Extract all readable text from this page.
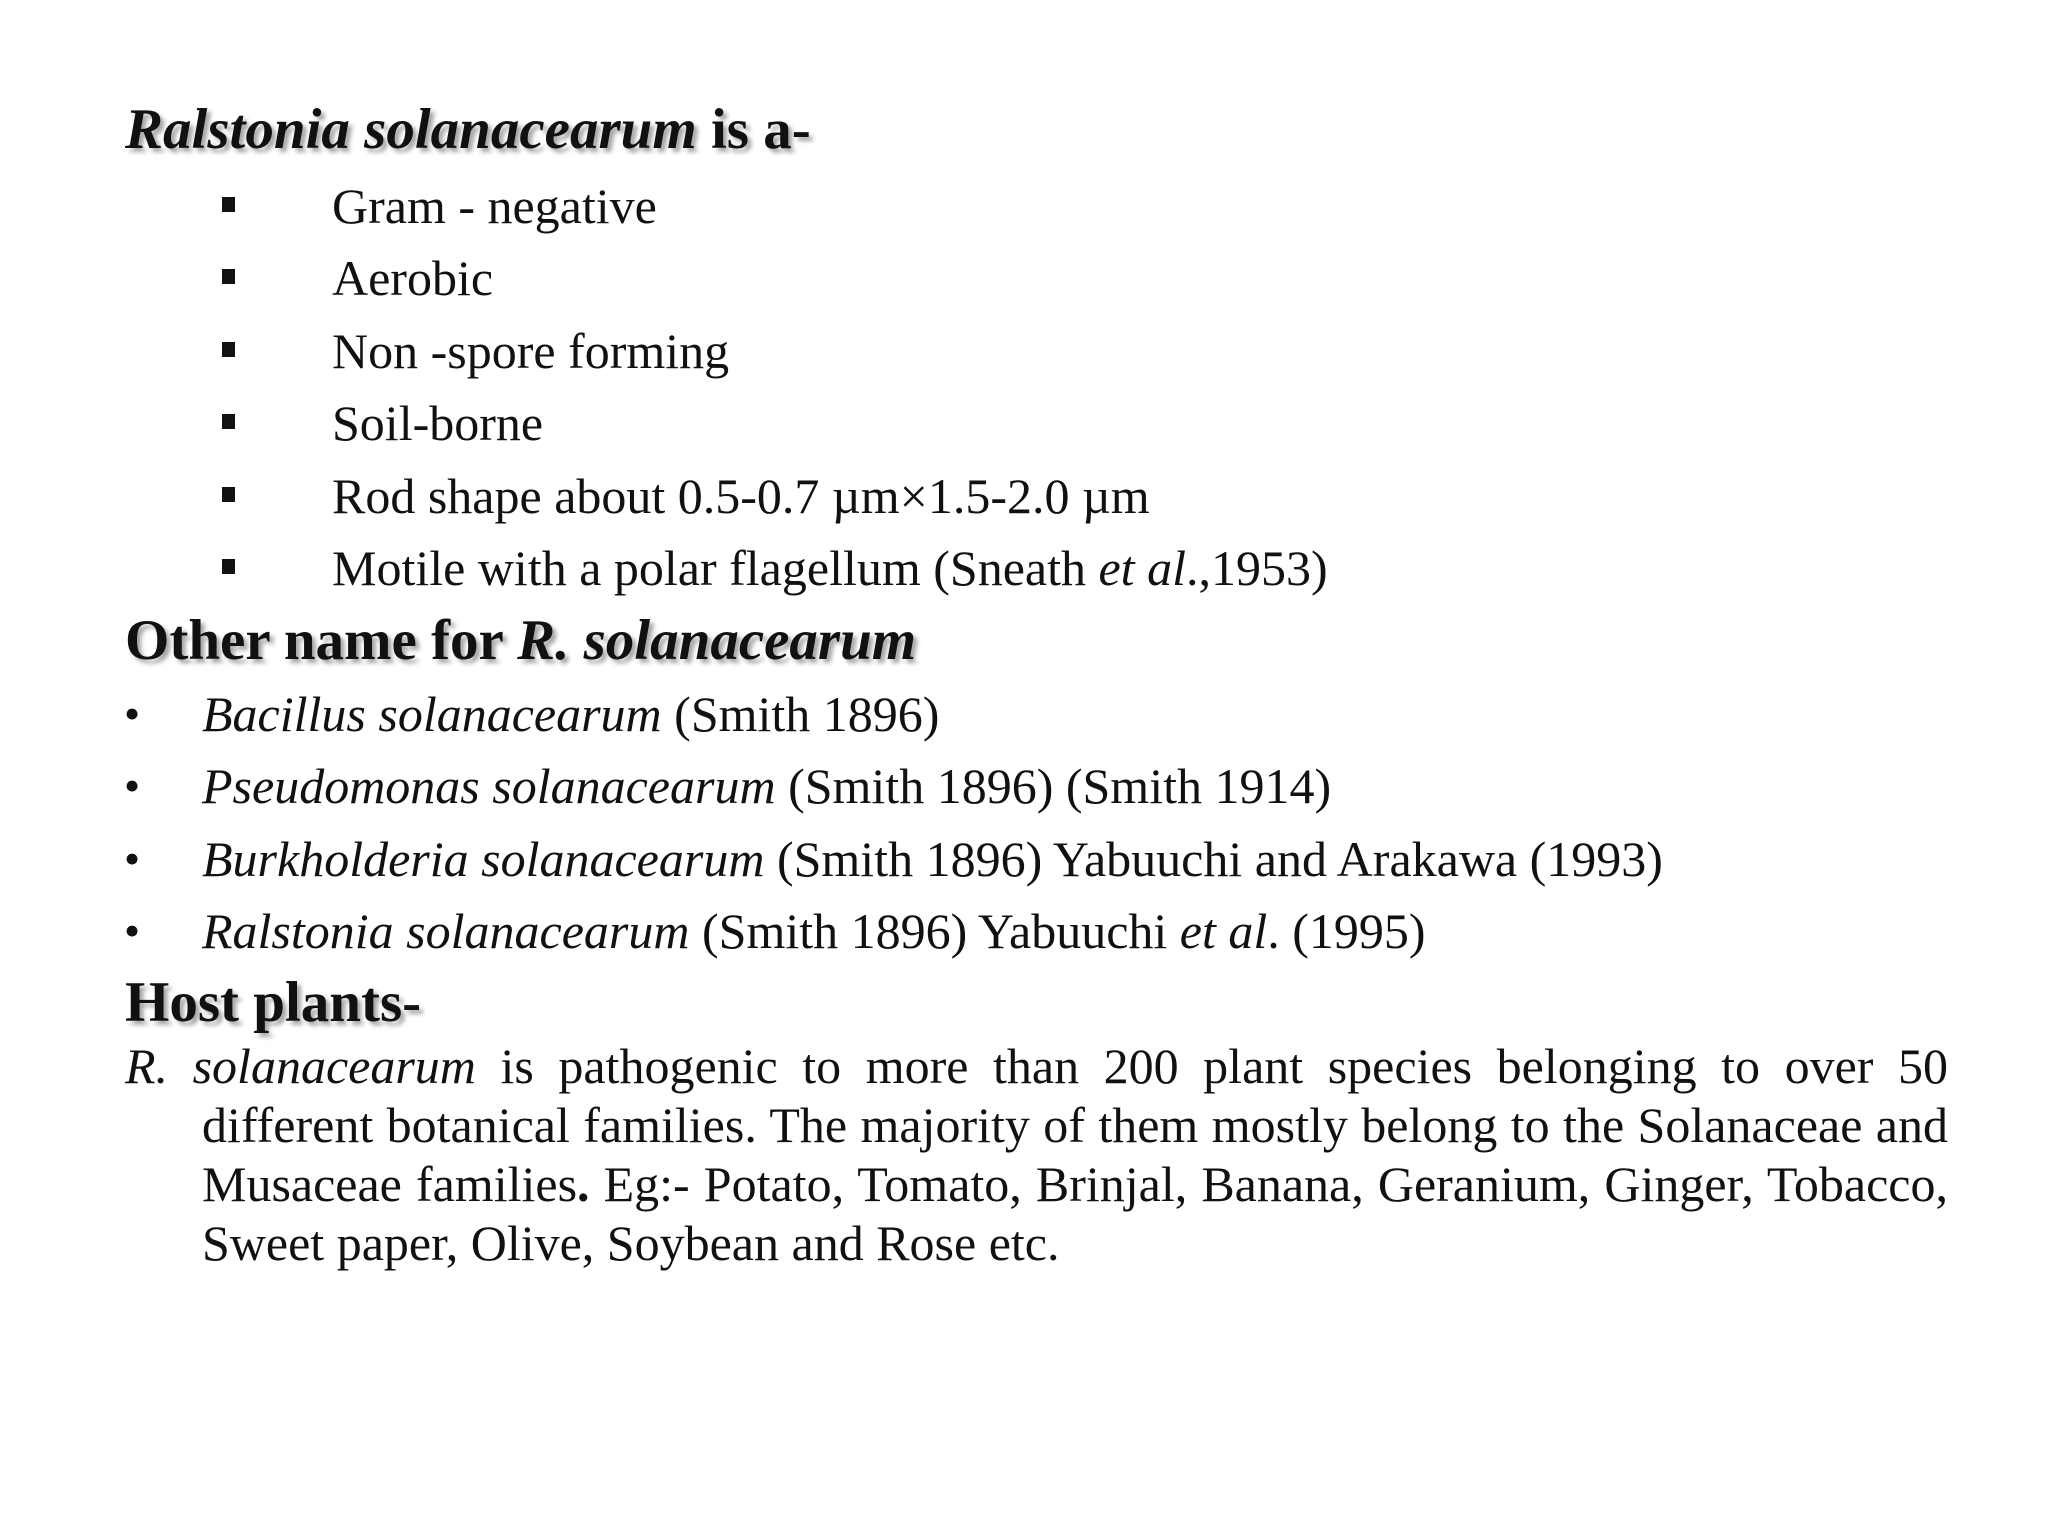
Ralstonia solanacearum is a-
Gram - negative
Aerobic
Non -spore forming
Soil-borne
Rod shape about 0.5-0.7 µm×1.5-2.0 µm
Motile with a polar flagellum (Sneath et al.,1953)
Other name for R. solanacearum
• Bacillus solanacearum (Smith 1896)
• Pseudomonas solanacearum (Smith 1896) (Smith 1914)
• Burkholderia solanacearum (Smith 1896) Yabuuchi and Arakawa (1993)
• Ralstonia solanacearum (Smith 1896) Yabuuchi et al. (1995)
Host plants-

R. solanacearum is pathogenic to more than 200 plant species belonging to over 50 different botanical families. The majority of them mostly belong to the Solanaceae and Musaceae families. Eg:- Potato, Tomato, Brinjal, Banana, Geranium, Ginger, Tobacco, Sweet paper, Olive, Soybean and Rose etc.
